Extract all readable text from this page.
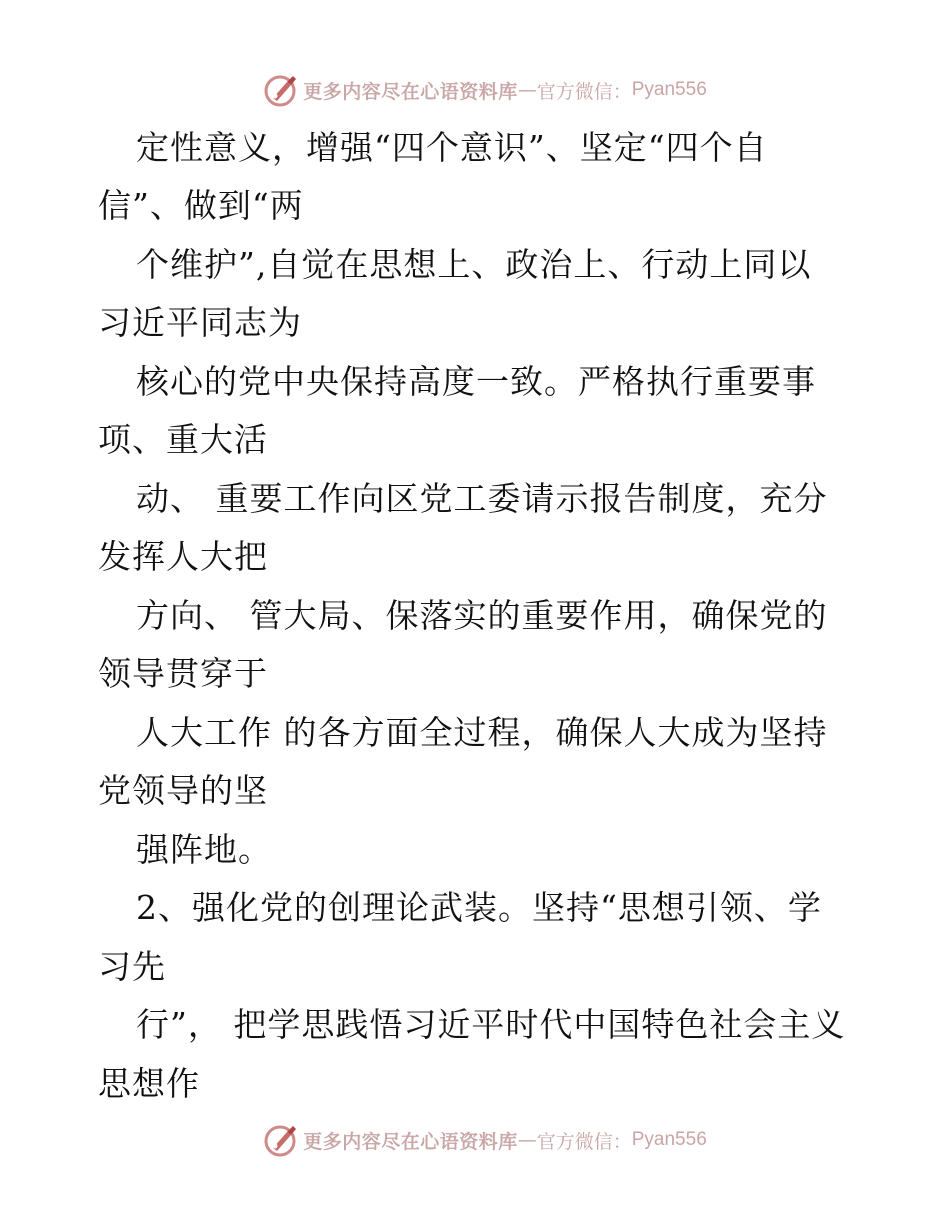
更多内容尽在心语资料库 — 官方微信： Pyan556
定性意义，增强“四个意识”、坚定“四个自
信”、做到“两
个维护”,自觉在思想上、政治上、行动上同以
习近平同志为
核心的党中央保持高度一致。严格执行重要事
项、重大活
动、 重要工作向区党工委请示报告制度，充分
发挥人大把
方向、 管大局、保落实的重要作用，确保党的
领导贯穿于
人大工作 的各方面全过程，确保人大成为坚持
党领导的坚
强阵地。
2、强化党的创理论武装。坚持“思想引领、学
习先
行”， 把学思践悟习近平时代中国特色社会主义
思想作
更多内容尽在心语资料库 — 官方微信： Pyan556
